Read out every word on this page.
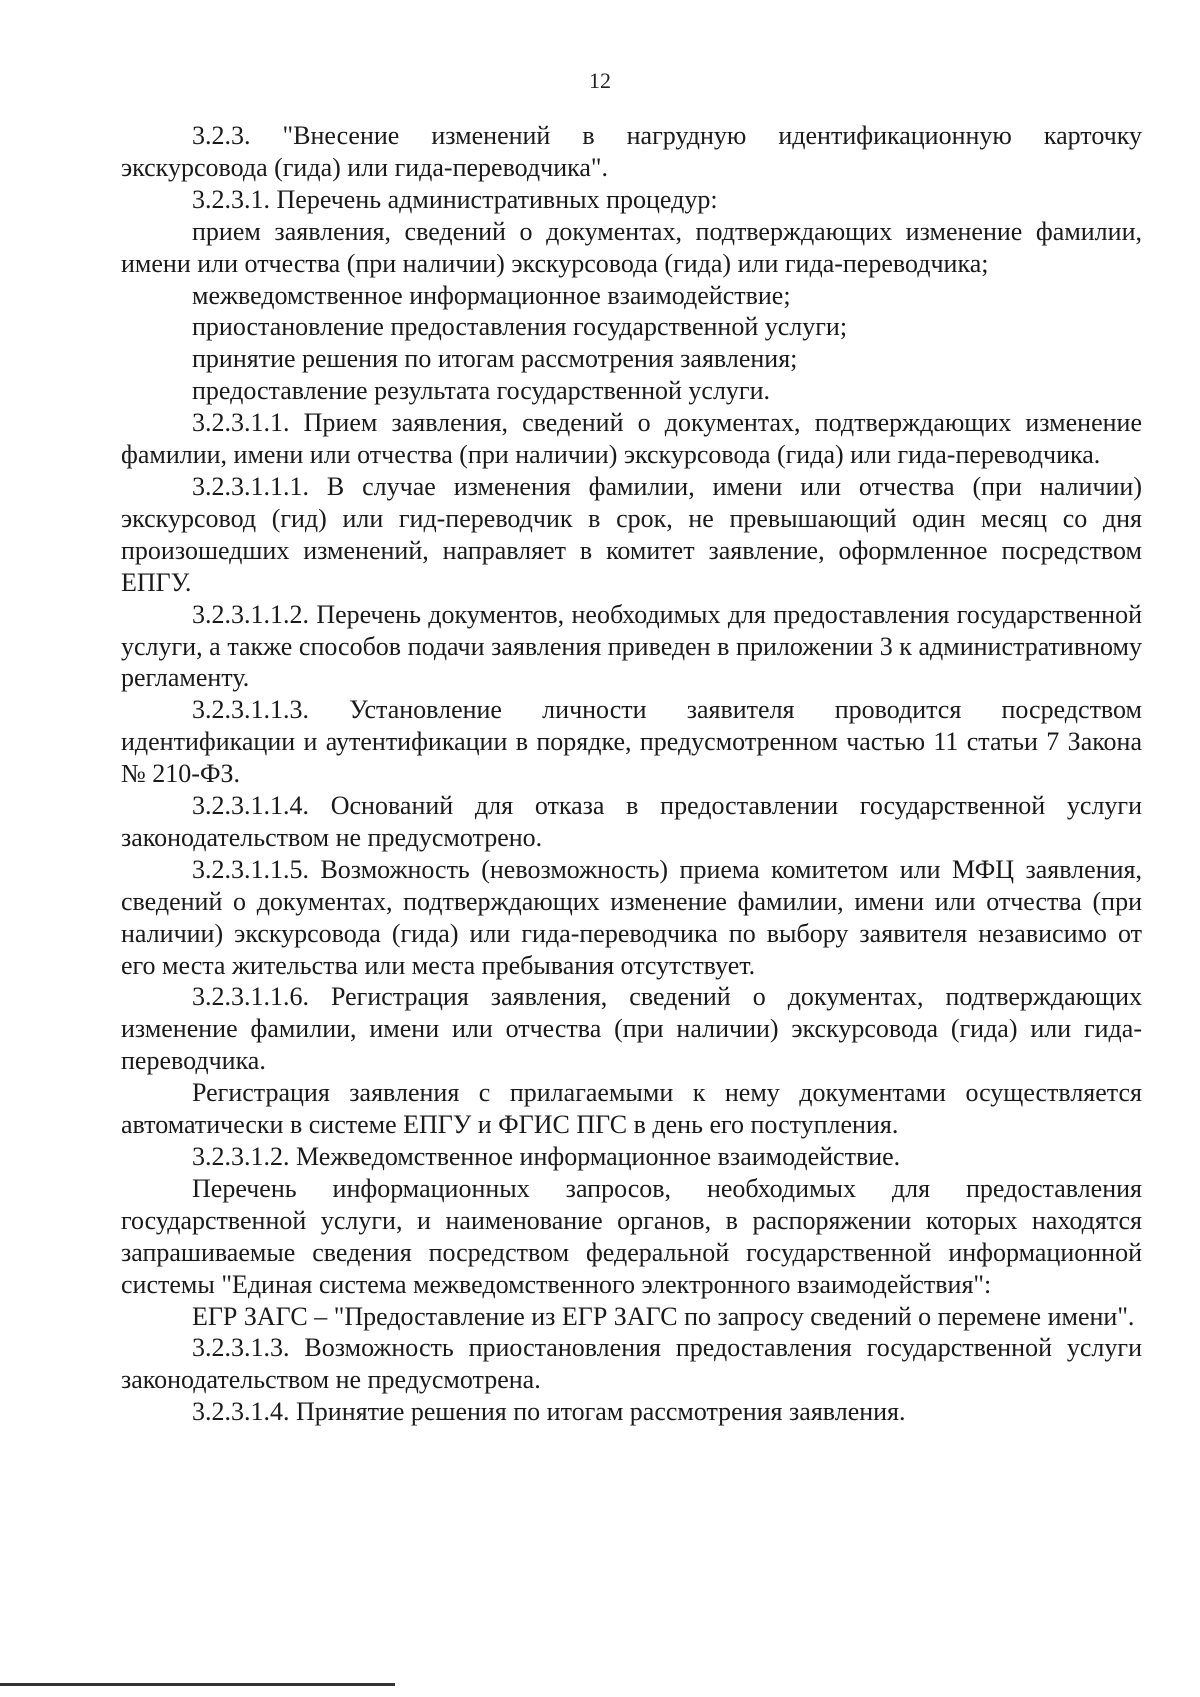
12

3.2.3. "Внесение изменений в нагрудную идентификационную карточку экскурсовода (гида) или гида-переводчика".

3.2.3.1. Перечень административных процедур:

прием заявления, сведений о документах, подтверждающих изменение фамилии, имени или отчества (при наличии) экскурсовода (гида) или гида-переводчика;

межведомственное информационное взаимодействие;

приостановление предоставления государственной услуги;

принятие решения по итогам рассмотрения заявления;

предоставление результата государственной услуги.

3.2.3.1.1. Прием заявления, сведений о документах, подтверждающих изменение фамилии, имени или отчества (при наличии) экскурсовода (гида) или гида-переводчика.

3.2.3.1.1.1. В случае изменения фамилии, имени или отчества (при наличии) экскурсовод (гид) или гид-переводчик в срок, не превышающий один месяц со дня произошедших изменений, направляет в комитет заявление, оформленное посредством ЕПГУ.

3.2.3.1.1.2. Перечень документов, необходимых для предоставления государственной услуги, а также способов подачи заявления приведен в приложении 3 к административному регламенту.

3.2.3.1.1.3. Установление личности заявителя проводится посредством идентификации и аутентификации в порядке, предусмотренном частью 11 статьи 7 Закона № 210-ФЗ.

3.2.3.1.1.4. Оснований для отказа в предоставлении государственной услуги законодательством не предусмотрено.

3.2.3.1.1.5. Возможность (невозможность) приема комитетом или МФЦ заявления, сведений о документах, подтверждающих изменение фамилии, имени или отчества (при наличии) экскурсовода (гида) или гида-переводчика по выбору заявителя независимо от его места жительства или места пребывания отсутствует.

3.2.3.1.1.6. Регистрация заявления, сведений о документах, подтверждающих изменение фамилии, имени или отчества (при наличии) экскурсовода (гида) или гида-переводчика.

Регистрация заявления с прилагаемыми к нему документами осуществляется автоматически в системе ЕПГУ и ФГИС ПГС в день его поступления.

3.2.3.1.2. Межведомственное информационное взаимодействие.

Перечень информационных запросов, необходимых для предоставления государственной услуги, и наименование органов, в распоряжении которых находятся запрашиваемые сведения посредством федеральной государственной информационной системы "Единая система межведомственного электронного взаимодействия":

ЕГР ЗАГС – "Предоставление из ЕГР ЗАГС по запросу сведений о перемене имени".

3.2.3.1.3. Возможность приостановления предоставления государственной услуги законодательством не предусмотрена.

3.2.3.1.4. Принятие решения по итогам рассмотрения заявления.
